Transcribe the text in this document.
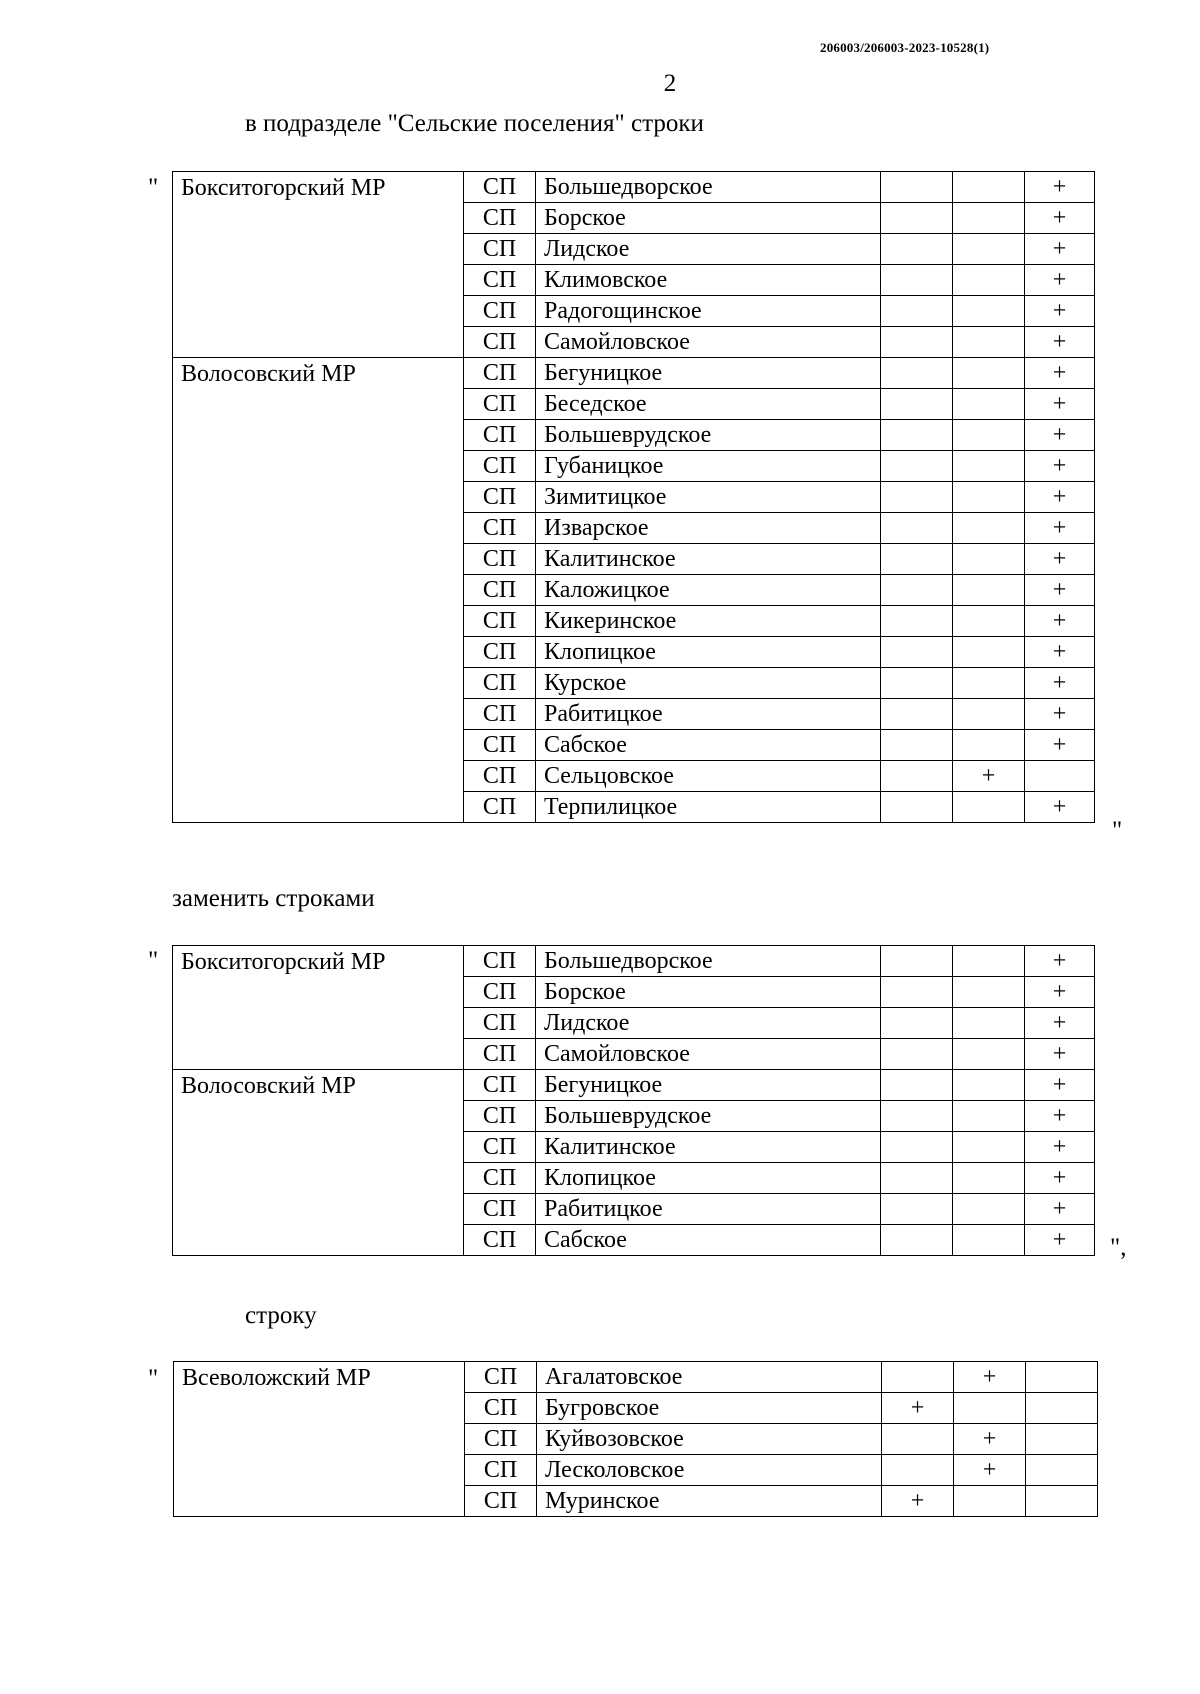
206003/206003-2023-10528(1)
2
в подразделе "Сельские поселения" строки
" Бокситогорский МР	СП	Большедворское			+
	СП	Борское			+
	СП	Лидское			+
	СП	Климовское			+
	СП	Радогощинское			+
	СП	Самойловское			+
Волосовский МР	СП	Бегуницкое			+
	СП	Беседское			+
	СП	Большеврудское			+
	СП	Губаницкое			+
	СП	Зимитицкое			+
	СП	Изварское			+
	СП	Калитинское			+
	СП	Каложицкое			+
	СП	Кикеринское			+
	СП	Клопицкое			+
	СП	Курское			+
	СП	Рабитицкое			+
	СП	Сабское			+
	СП	Сельцовское		+	
	СП	Терпилицкое			+
"
заменить строками
" Бокситогорский МР	СП	Большедворское			+
	СП	Борское			+
	СП	Лидское			+
	СП	Самойловское			+
Волосовский МР	СП	Бегуницкое			+
	СП	Большеврудское			+
	СП	Калитинское			+
	СП	Клопицкое			+
	СП	Рабитицкое			+
	СП	Сабское			+ ",
строку
" Всеволожский МР	СП	Агалатовское		+	
	СП	Бугровское	+		
	СП	Куйвозовское		+	
	СП	Лесколовское		+	
	СП	Муринское	+		
